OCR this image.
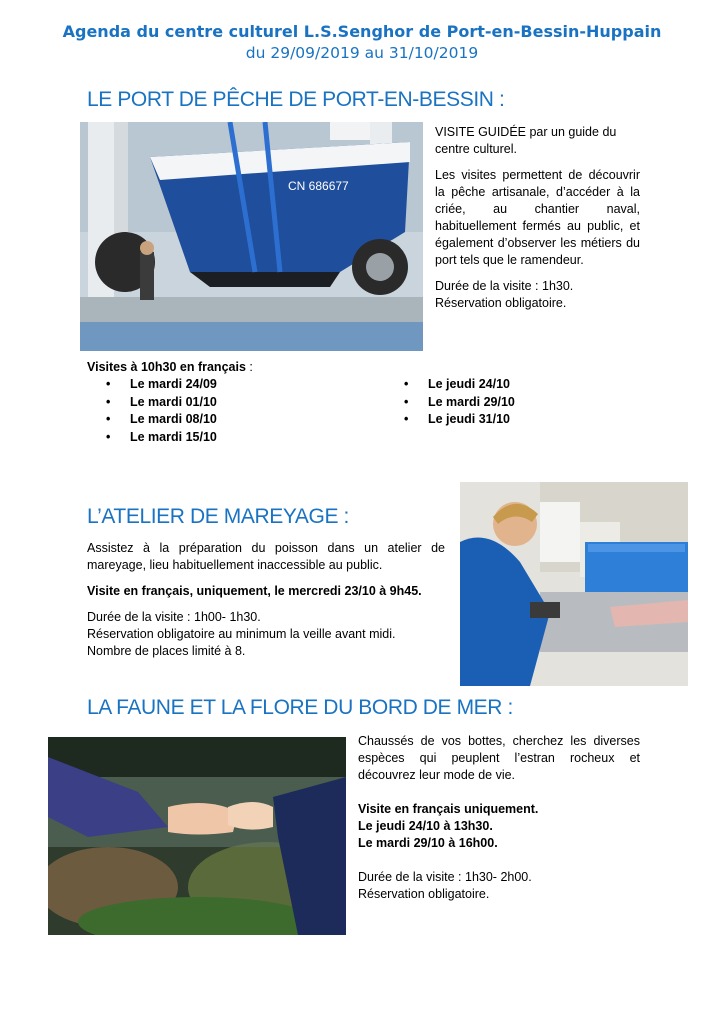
Agenda du centre culturel L.S.Senghor de Port-en-Bessin-Huppain
du 29/09/2019 au 31/10/2019
LE PORT DE PÊCHE DE PORT-EN-BESSIN :
CN 686677

VISITE GUIDÉE par un guide du centre culturel.

Les visites permettent de découvrir la pêche artisanale, d’accéder à la criée, au chantier naval, habituellement fermés au public, et également d’observer les métiers du port tels que le ramendeur.

Durée de la visite : 1h30.
Réservation obligatoire.
Visites à 10h30 en français :
• Le mardi 24/09
• Le mardi 01/10
• Le mardi 08/10
• Le mardi 15/10
• Le jeudi 24/10
• Le mardi 29/10
• Le jeudi 31/10
L’ATELIER DE MAREYAGE :

Assistez à la préparation du poisson dans un atelier de mareyage, lieu habituellement inaccessible au public.

Visite en français, uniquement, le mercredi 23/10 à 9h45.

Durée de la visite : 1h00- 1h30.
Réservation obligatoire au minimum la veille avant midi.
Nombre de places limité à 8.
LA FAUNE ET LA FLORE DU BORD DE MER :

Chaussés de vos bottes, cherchez les diverses espèces qui peuplent l’estran rocheux et découvrez leur mode de vie.

Visite en français uniquement.
Le jeudi 24/10 à 13h30.
Le mardi 29/10 à 16h00.
Durée de la visite : 1h30- 2h00.
Réservation obligatoire.
